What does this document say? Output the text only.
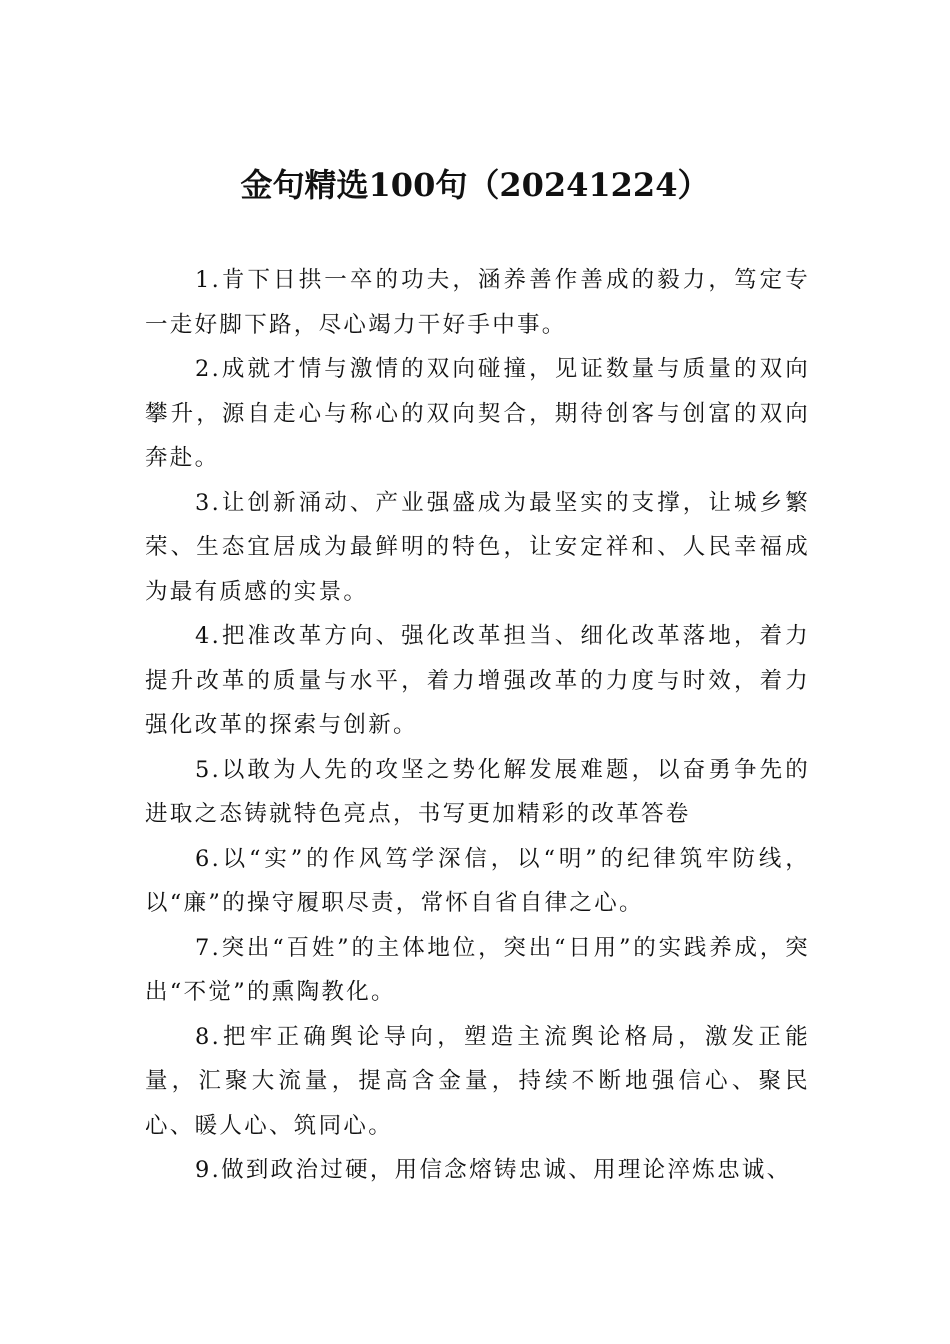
金句精选100句（20241224）

1.肯下日拱一卒的功夫，涵养善作善成的毅力，笃定专一走好脚下路，尽心竭力干好手中事。

2.成就才情与激情的双向碰撞，见证数量与质量的双向攀升，源自走心与称心的双向契合，期待创客与创富的双向奔赴。

3.让创新涌动、产业强盛成为最坚实的支撑，让城乡繁荣、生态宜居成为最鲜明的特色，让安定祥和、人民幸福成为最有质感的实景。

4.把准改革方向、强化改革担当、细化改革落地，着力提升改革的质量与水平，着力增强改革的力度与时效，着力强化改革的探索与创新。

5.以敢为人先的攻坚之势化解发展难题，以奋勇争先的进取之态铸就特色亮点，书写更加精彩的改革答卷

6.以“实”的作风笃学深信，以“明”的纪律筑牢防线，以“廉”的操守履职尽责，常怀自省自律之心。

7.突出“百姓”的主体地位，突出“日用”的实践养成，突出“不觉”的熏陶教化。

8.把牢正确舆论导向，塑造主流舆论格局，激发正能量，汇聚大流量，提高含金量，持续不断地强信心、聚民心、暖人心、筑同心。

9.做到政治过硬，用信念熔铸忠诚、用理论淬炼忠诚、
